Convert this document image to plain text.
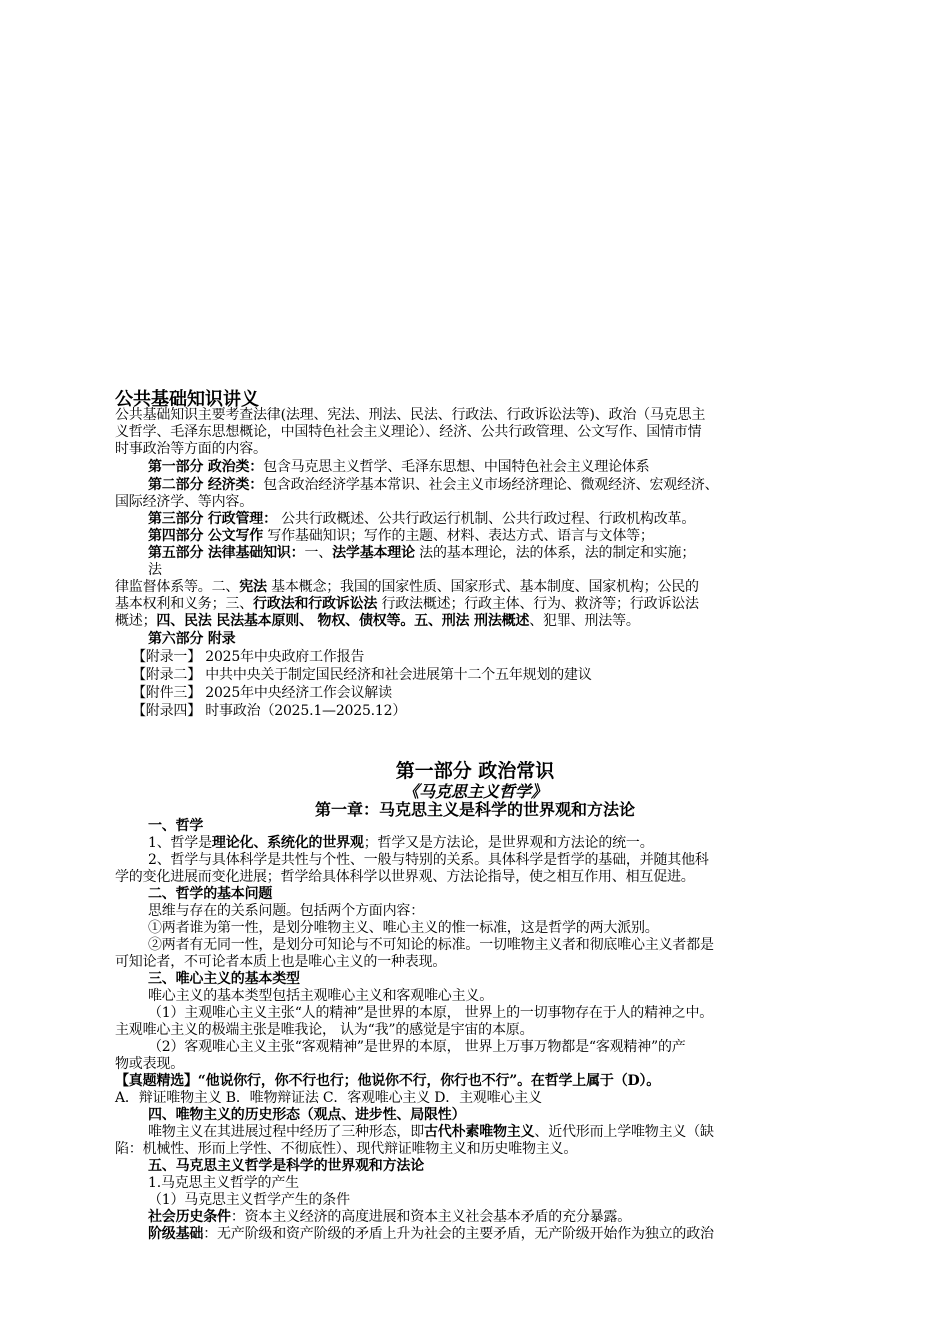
公共基础知识讲义
公共基础知识主要考查法律(法理、宪法、刑法、民法、行政法、行政诉讼法等)、政治（马克思主
义哲学、毛泽东思想概论，中国特色社会主义理论）、经济、公共行政管理、公文写作、国情市情
时事政治等方面的内容。
第一部分 政治类：包含马克思主义哲学、毛泽东思想、中国特色社会主义理论体系
第二部分 经济类：包含政治经济学基本常识、社会主义市场经济理论、微观经济、宏观经济、
国际经济学、等内容。
第三部分 行政管理： 公共行政概述、公共行政运行机制、公共行政过程、行政机构改革。
第四部分 公文写作 写作基础知识；写作的主题、材料、表达方式、语言与文体等；
第五部分 法律基础知识：一、法学基本理论 法的基本理论，法的体系，法的制定和实施；
法
律监督体系等。二、宪法 基本概念；我国的国家性质、国家形式、基本制度、国家机构；公民的
基本权利和义务；三、行政法和行政诉讼法 行政法概述；行政主体、行为、救济等；行政诉讼法
概述；四、民法 民法基本原则、 物权、债权等。五、刑法 刑法概述、犯罪、刑法等。
第六部分 附录
【附录一】 2025年中央政府工作报告
【附录二】 中共中央关于制定国民经济和社会进展第十二个五年规划的建议
【附件三】 2025年中央经济工作会议解读
【附录四】 时事政治（2025.1—2025.12）
第一部分 政治常识
《马克思主义哲学》
第一章：马克思主义是科学的世界观和方法论
一、哲学
1、哲学是理论化、系统化的世界观；哲学又是方法论，是世界观和方法论的统一。
2、哲学与具体科学是共性与个性、一般与特别的关系。具体科学是哲学的基础，并随其他科
学的变化进展而变化进展；哲学给具体科学以世界观、方法论指导，使之相互作用、相互促进。
二、哲学的基本问题
思维与存在的关系问题。包括两个方面内容：
①两者谁为第一性，是划分唯物主义、唯心主义的惟一标准，这是哲学的两大派别。
②两者有无同一性，是划分可知论与不可知论的标准。一切唯物主义者和彻底唯心主义者都是
可知论者，不可论者本质上也是唯心主义的一种表现。
三、唯心主义的基本类型
唯心主义的基本类型包括主观唯心主义和客观唯心主义。
（1）主观唯心主义主张“人的精神”是世界的本原， 世界上的一切事物存在于人的精神之中。
主观唯心主义的极端主张是唯我论， 认为“我”的感觉是宇宙的本原。
（2）客观唯心主义主张“客观精神”是世界的本原， 世界上万事万物都是“客观精神”的产
物或表现。
【真题精选】“他说你行，你不行也行；他说你不行，你行也不行”。在哲学上属于（D）。
A．辩证唯物主义 B．唯物辩证法 C．客观唯心主义 D．主观唯心主义
四、唯物主义的历史形态（观点、进步性、局限性）
唯物主义在其进展过程中经历了三种形态，即古代朴素唯物主义、近代形而上学唯物主义（缺
陷：机械性、形而上学性、不彻底性）、现代辩证唯物主义和历史唯物主义。
五、马克思主义哲学是科学的世界观和方法论
1.马克思主义哲学的产生
（1）马克思主义哲学产生的条件
社会历史条件：资本主义经济的高度进展和资本主义社会基本矛盾的充分暴露。
阶级基础：无产阶级和资产阶级的矛盾上升为社会的主要矛盾，无产阶级开始作为独立的政治
